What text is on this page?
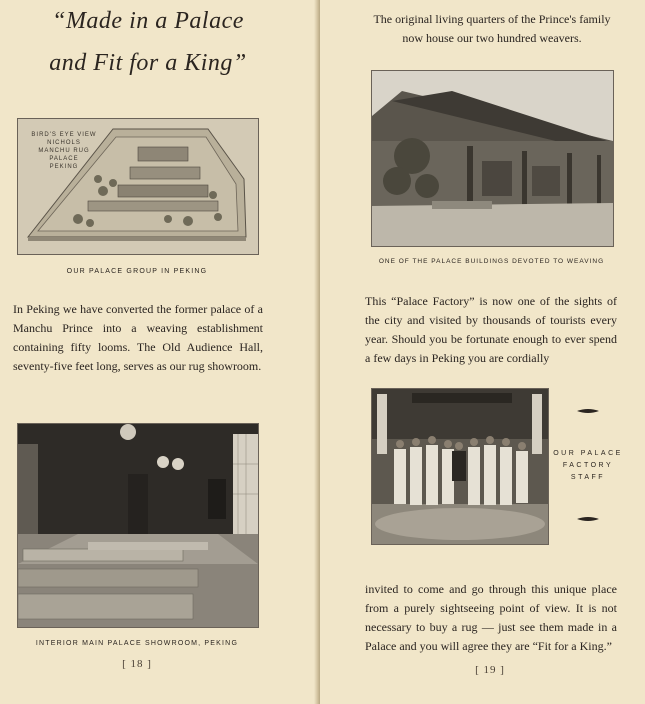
“Made in a Palace
and Fit for a King”
BIRD'S EYE VIEW
NICHOLS
MANCHU RUG PALACE
PEKING
OUR PALACE GROUP IN PEKING
In Peking we have converted the former palace of a Manchu Prince into a weaving establishment containing fifty looms. The Old Audience Hall, seventy-five feet long, serves as our rug showroom.
INTERIOR MAIN PALACE SHOWROOM, PEKING
[ 18 ]
The original living quarters of the Prince's family now house our two hundred weavers.
ONE OF THE PALACE BUILDINGS DEVOTED TO WEAVING
This “Palace Factory” is now one of the sights of the city and visited by thousands of tourists every year. Should you be fortunate enough to ever spend a few days in Peking you are cordially
OUR PALACE
FACTORY
STAFF
invited to come and go through this unique place from a purely sightseeing point of view. It is not necessary to buy a rug — just see them made in a Palace and you will agree they are “Fit for a King.”
[ 19 ]
